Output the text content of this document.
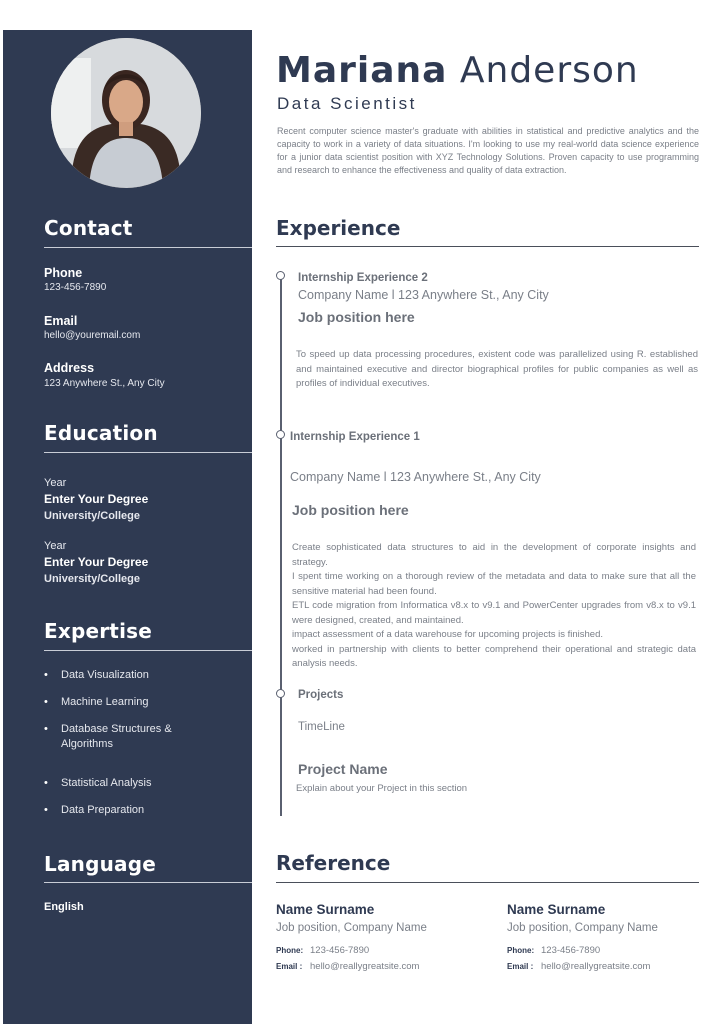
Contact
Phone
123-456-7890
Email
hello@youremail.com
Address
123 Anywhere St., Any City
Education
Year
Enter Your Degree
University/College
Year
Enter Your Degree
University/College
Expertise
• Data Visualization
• Machine Learning
• Database Structures & Algorithms
• Statistical Analysis
• Data Preparation
Language
English
Mariana Anderson
Data Scientist
Recent computer science master's graduate with abilities in statistical and predictive analytics and the capacity to work in a variety of data situations. I'm looking to use my real-world data science experience for a junior data scientist position with XYZ Technology Solutions. Proven capacity to use programming and research to enhance the effectiveness and quality of data extraction.
Experience
Internship Experience 2
Company Name l 123 Anywhere St., Any City
Job position here
To speed up data processing procedures, existent code was parallelized using R. established and maintained executive and director biographical profiles for public companies as well as profiles of individual executives.
Internship Experience 1
Company Name l 123 Anywhere St., Any City
Job position here
Create sophisticated data structures to aid in the development of corporate insights and strategy.
I spent time working on a thorough review of the metadata and data to make sure that all the sensitive material had been found.
ETL code migration from Informatica v8.x to v9.1 and PowerCenter upgrades from v8.x to v9.1 were designed, created, and maintained.
impact assessment of a data warehouse for upcoming projects is finished.
worked in partnership with clients to better comprehend their operational and strategic data analysis needs.
Projects
TimeLine
Project Name
Explain about your Project in this section
Reference
Name Surname
Job position, Company Name
Phone: 123-456-7890
Email : hello@reallygreatsite.com
Name Surname
Job position, Company Name
Phone: 123-456-7890
Email : hello@reallygreatsite.com
